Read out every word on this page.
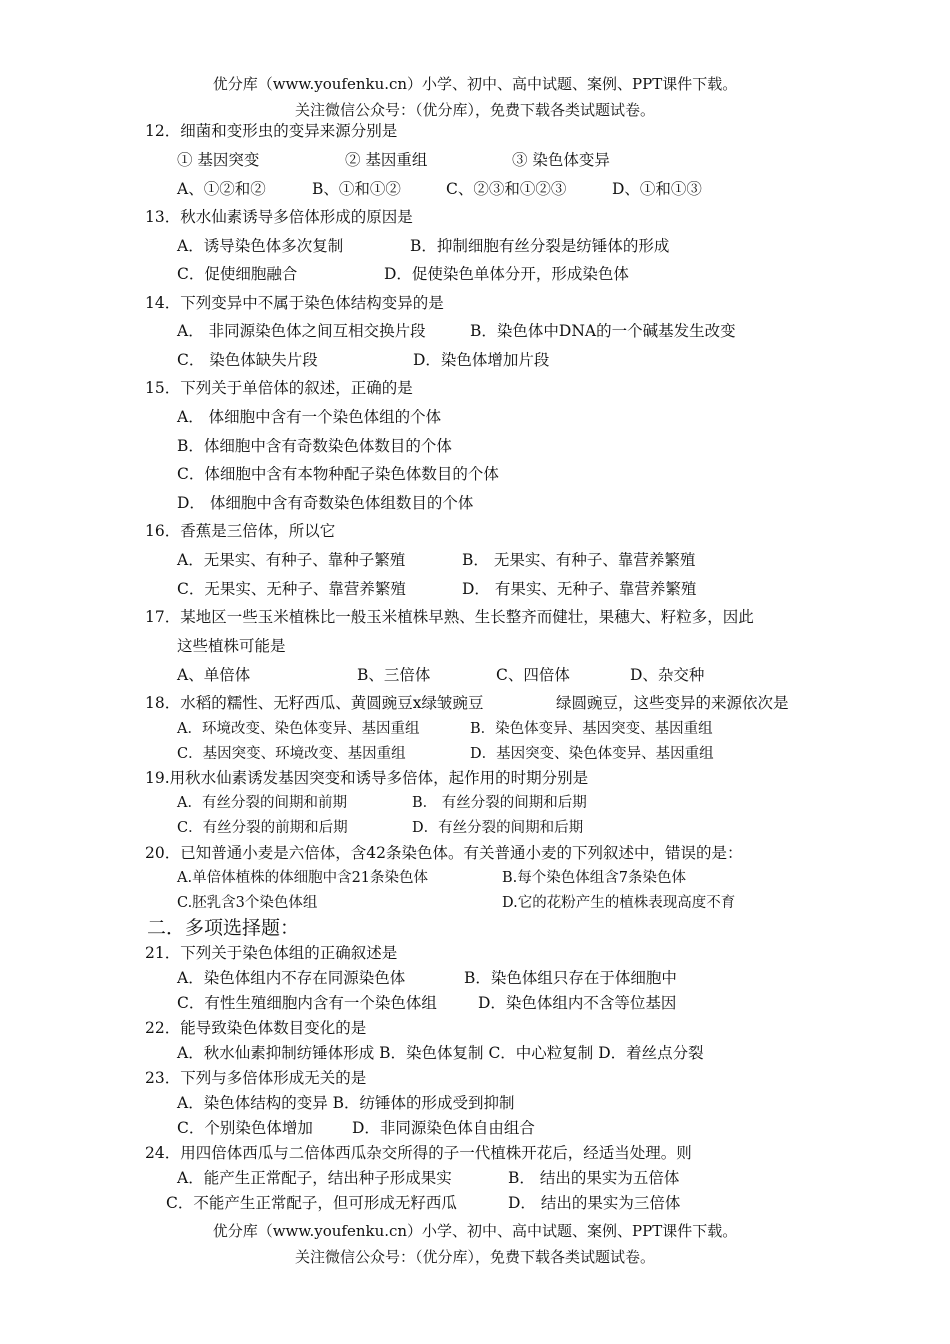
优分库（www.youfenku.cn）小学、初中、高中试题、案例、PPT课件下载。
关注微信公众号：（优分库），免费下载各类试题试卷。
12．细菌和变形虫的变异来源分别是
① 基因突变	② 基因重组	③ 染色体变异
A、①②和②	B、①和①②	C、②③和①②③	D、①和①③
13．秋水仙素诱导多倍体形成的原因是
A．诱导染色体多次复制	B．抑制细胞有丝分裂是纺锤体的形成
C．促使细胞融合	D．促使染色单体分开，形成染色体
14．下列变异中不属于染色体结构变异的是
A． 非同源染色体之间互相交换片段	B．染色体中DNA的一个碱基发生改变
C． 染色体缺失片段	D．染色体增加片段
15．下列关于单倍体的叙述，正确的是
A． 体细胞中含有一个染色体组的个体
B．体细胞中含有奇数染色体数目的个体
C．体细胞中含有本物种配子染色体数目的个体
D． 体细胞中含有奇数染色体组数目的个体
16．香蕉是三倍体，所以它
A．无果实、有种子、靠种子繁殖	B． 无果实、有种子、靠营养繁殖
C．无果实、无种子、靠营养繁殖	D． 有果实、无种子、靠营养繁殖
17．某地区一些玉米植株比一般玉米植株早熟、生长整齐而健壮，果穗大、籽粒多，因此
这些植株可能是
A、单倍体	B、三倍体	C、四倍体	D、杂交种
18．水稻的糯性、无籽西瓜、黄圆豌豆ⅹ绿皱豌豆	绿圆豌豆，这些变异的来源依次是
A．环境改变、染色体变异、基因重组	B．染色体变异、基因突变、基因重组
C．基因突变、环境改变、基因重组	D．基因突变、染色体变异、基因重组
19.用秋水仙素诱发基因突变和诱导多倍体，起作用的时期分别是
A．有丝分裂的间期和前期	B． 有丝分裂的间期和后期
C．有丝分裂的前期和后期	D．有丝分裂的间期和后期
20．已知普通小麦是六倍体，含42条染色体。有关普通小麦的下列叙述中，错误的是：
A.单倍体植株的体细胞中含21条染色体	B.每个染色体组含7条染色体
C.胚乳含3个染色体组	D.它的花粉产生的植株表现高度不育
二．多项选择题：
21．下列关于染色体组的正确叙述是
A．染色体组内不存在同源染色体	B．染色体组只存在于体细胞中
C．有性生殖细胞内含有一个染色体组	D．染色体组内不含等位基因
22．能导致染色体数目变化的是
A．秋水仙素抑制纺锤体形成 B．染色体复制 C．中心粒复制 D．着丝点分裂
23．下列与多倍体形成无关的是
A．染色体结构的变异 B．纺锤体的形成受到抑制
C．个别染色体增加	D．非同源染色体自由组合
24．用四倍体西瓜与二倍体西瓜杂交所得的子一代植株开花后，经适当处理。则
A．能产生正常配子，结出种子形成果实	B． 结出的果实为五倍体
C．不能产生正常配子，但可形成无籽西瓜	D． 结出的果实为三倍体
优分库（www.youfenku.cn）小学、初中、高中试题、案例、PPT课件下载。
关注微信公众号：（优分库），免费下载各类试题试卷。
